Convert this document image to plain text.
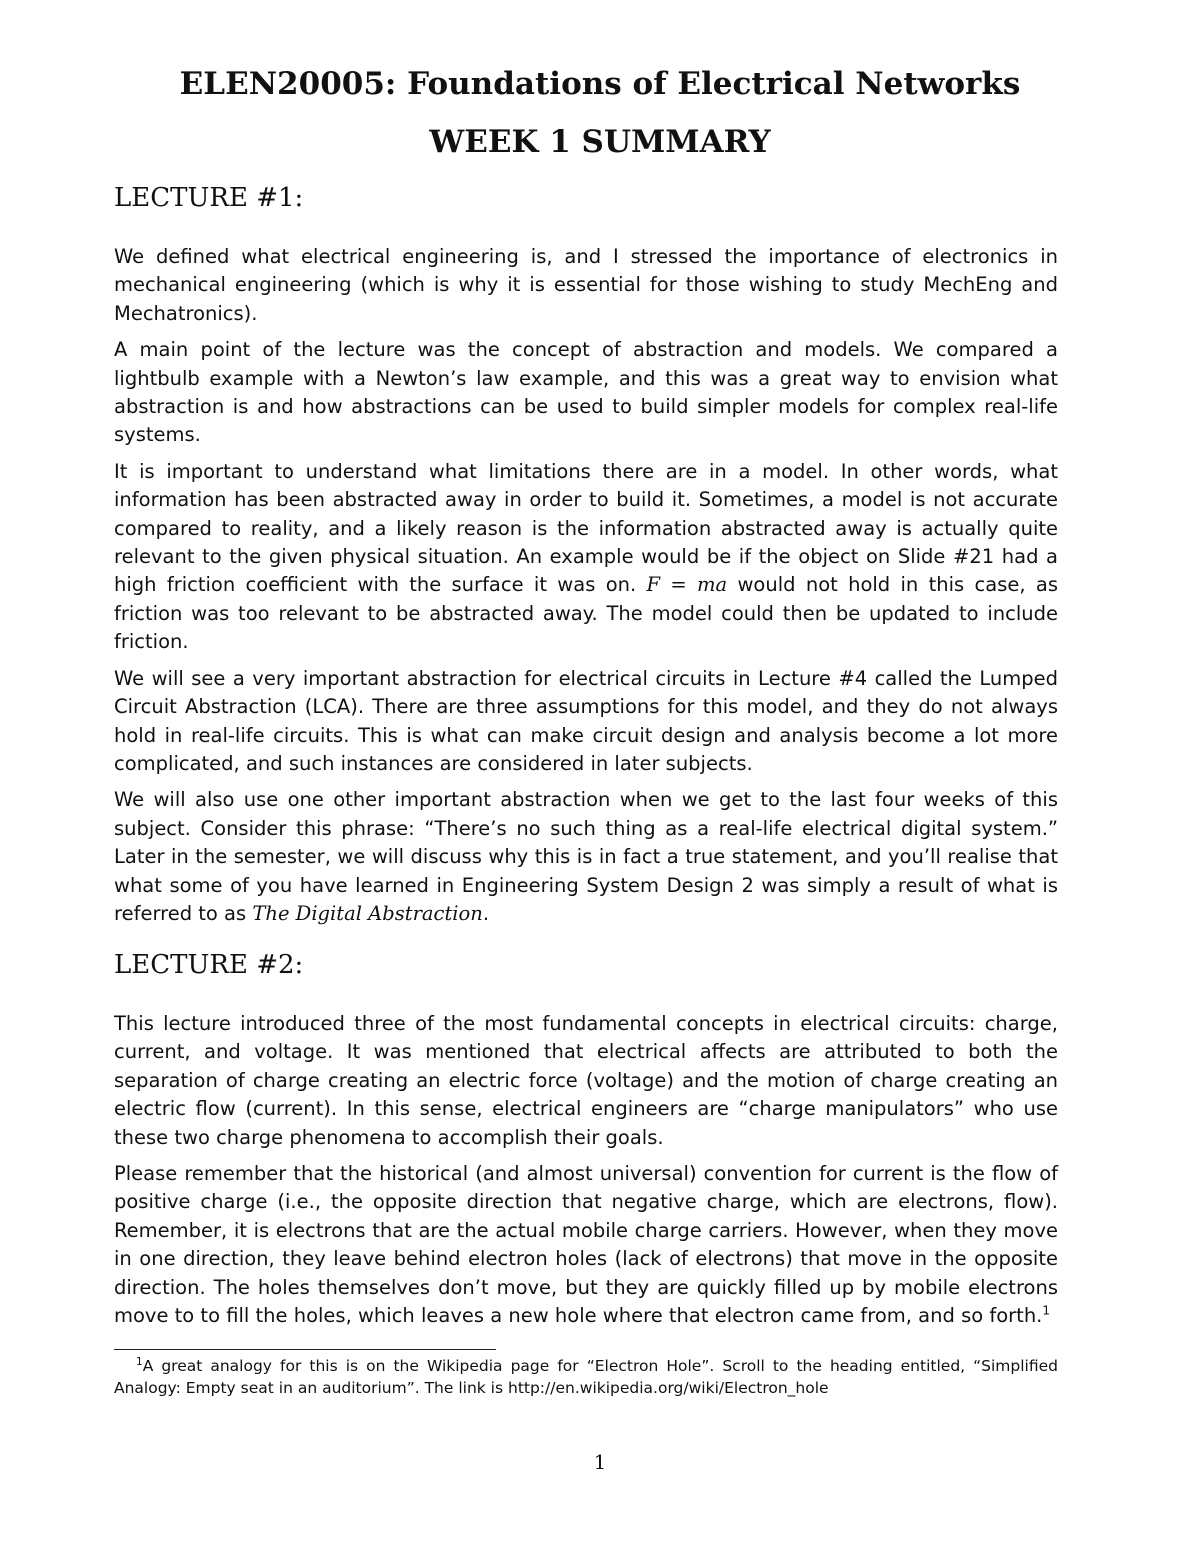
ELEN20005: Foundations of Electrical Networks
WEEK 1 SUMMARY
LECTURE #1:

We defined what electrical engineering is, and I stressed the importance of electronics in mechanical engineering (which is why it is essential for those wishing to study MechEng and Mechatronics).

A main point of the lecture was the concept of abstraction and models. We compared a lightbulb example with a Newton’s law example, and this was a great way to envision what abstraction is and how abstractions can be used to build simpler models for complex real-life systems.

It is important to understand what limitations there are in a model. In other words, what information has been abstracted away in order to build it. Sometimes, a model is not accurate compared to reality, and a likely reason is the information abstracted away is actually quite relevant to the given physical situation. An example would be if the object on Slide #21 had a high friction coefficient with the surface it was on. F = ma would not hold in this case, as friction was too relevant to be abstracted away. The model could then be updated to include friction.

We will see a very important abstraction for electrical circuits in Lecture #4 called the Lumped Circuit Abstraction (LCA). There are three assumptions for this model, and they do not always hold in real-life circuits. This is what can make circuit design and analysis become a lot more complicated, and such instances are considered in later subjects.

We will also use one other important abstraction when we get to the last four weeks of this subject. Consider this phrase: “There’s no such thing as a real-life electrical digital system.” Later in the semester, we will discuss why this is in fact a true statement, and you’ll realise that what some of you have learned in Engineering System Design 2 was simply a result of what is referred to as The Digital Abstraction.

LECTURE #2:

This lecture introduced three of the most fundamental concepts in electrical circuits: charge, current, and voltage. It was mentioned that electrical affects are attributed to both the separation of charge creating an electric force (voltage) and the motion of charge creating an electric flow (current). In this sense, electrical engineers are “charge manipulators” who use these two charge phenomena to accomplish their goals.

Please remember that the historical (and almost universal) convention for current is the flow of positive charge (i.e., the opposite direction that negative charge, which are electrons, flow). Remember, it is electrons that are the actual mobile charge carriers. However, when they move in one direction, they leave behind electron holes (lack of electrons) that move in the opposite direction. The holes themselves don’t move, but they are quickly filled up by mobile electrons move to to fill the holes, which leaves a new hole where that electron came from, and so forth.$^1$

$^1$A great analogy for this is on the Wikipedia page for “Electron Hole”. Scroll to the heading entitled, “Simplified Analogy: Empty seat in an auditorium”. The link is http://en.wikipedia.org/wiki/Electron_hole
1
